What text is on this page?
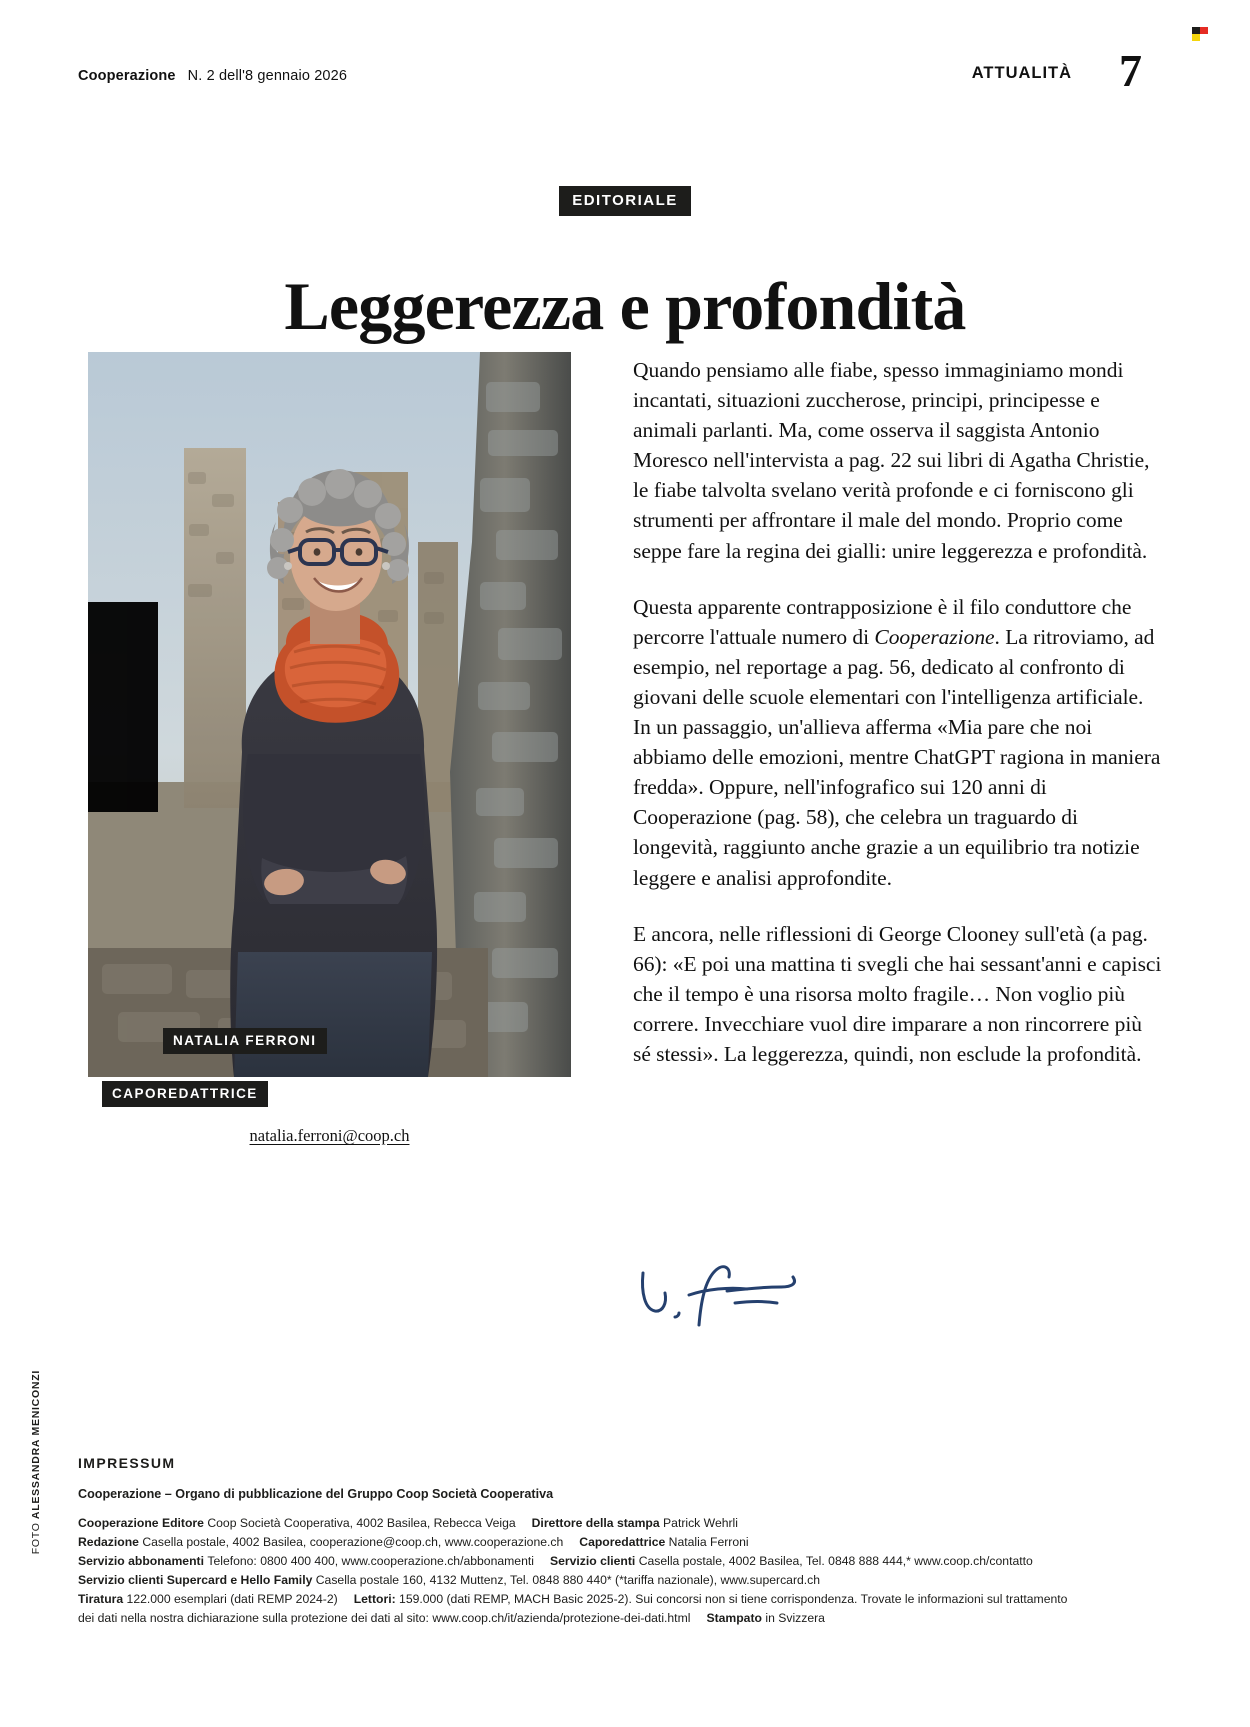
Cooperazione N. 2 dell'8 gennaio 2026	ATTUALITÀ 7
EDITORIALE
Leggerezza e profondità
NATALIA FERRONI
CAPOREDATTRICE
natalia.ferroni@coop.ch

Quando pensiamo alle fiabe, spesso immaginiamo mondi incantati, situazioni zuccherose, principi, principesse e animali parlanti. Ma, come osserva il saggista Antonio Moresco nell'intervista a pag. 22 sui libri di Agatha Christie, le fiabe talvolta svelano verità profonde e ci forniscono gli strumenti per affrontare il male del mondo. Proprio come seppe fare la regina dei gialli: unire leggerezza e profondità.

Questa apparente contrapposizione è il filo conduttore che percorre l'attuale numero di Cooperazione. La ritroviamo, ad esempio, nel reportage a pag. 56, dedicato al confronto di giovani delle scuole elementari con l'intelligenza artificiale. In un passaggio, un'allieva afferma «Mia pare che noi abbiamo delle emozioni, mentre ChatGPT ragiona in maniera fredda». Oppure, nell'infografico sui 120 anni di Cooperazione (pag. 58), che celebra un traguardo di longevità, raggiunto anche grazie a un equilibrio tra notizie leggere e analisi approfondite.

E ancora, nelle riflessioni di George Clooney sull'età (a pag. 66): «E poi una mattina ti svegli che hai sessant'anni e capisci che il tempo è una risorsa molto fragile… Non voglio più correre. Invecchiare vuol dire imparare a non rincorrere più sé stessi». La leggerezza, quindi, non esclude la profondità.

IMPRESSUM
Cooperazione – Organo di pubblicazione del Gruppo Coop Società Cooperativa
Cooperazione Editore Coop Società Cooperativa, 4002 Basilea, Rebecca Veiga Direttore della stampa Patrick Wehrli
Redazione Casella postale, 4002 Basilea, cooperazione@coop.ch, www.cooperazione.ch Caporedattrice Natalia Ferroni
Servizio abbonamenti Telefono: 0800 400 400, www.cooperazione.ch/abbonamenti Servizio clienti Casella postale, 4002 Basilea, Tel. 0848 888 444,* www.coop.ch/contatto
Servizio clienti Supercard e Hello Family Casella postale 160, 4132 Muttenz, Tel. 0848 880 440* (*tariffa nazionale), www.supercard.ch
Tiratura 122.000 esemplari (dati REMP 2024-2) Lettori: 159.000 (dati REMP, MACH Basic 2025-2). Sui concorsi non si tiene corrispondenza. Trovate le informazioni sul trattamento
dei dati nella nostra dichiarazione sulla protezione dei dati al sito: www.coop.ch/it/azienda/protezione-dei-dati.html Stampato in Svizzera
FOTO ALESSANDRA MENICONZI
